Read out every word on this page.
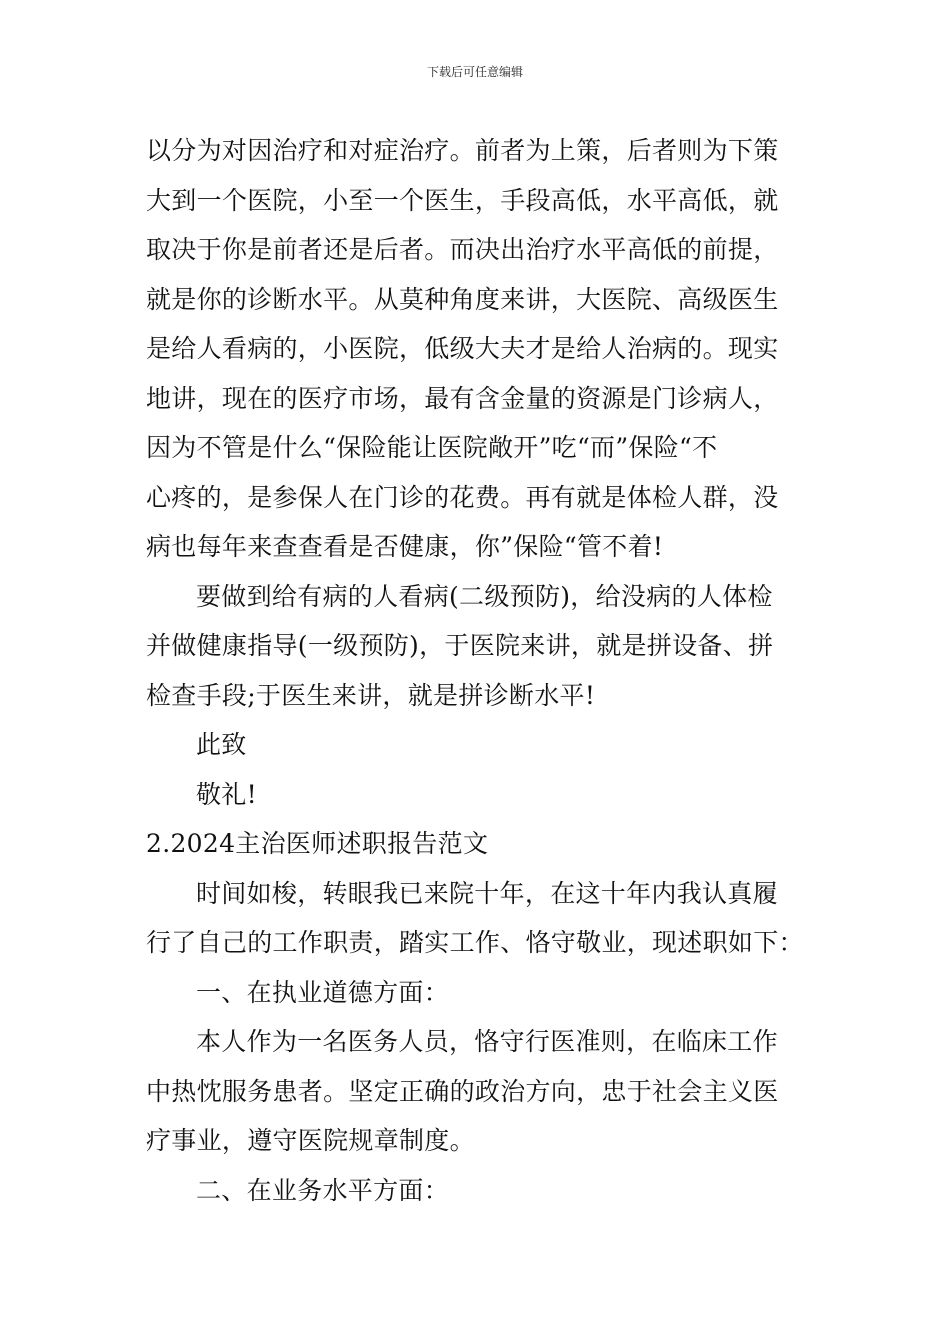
下载后可任意编辑
以分为对因治疗和对症治疗。前者为上策，后者则为下策
大到一个医院，小至一个医生，手段高低，水平高低，就
取决于你是前者还是后者。而决出治疗水平高低的前提，
就是你的诊断水平。从莫种角度来讲，大医院、高级医生
是给人看病的，小医院，低级大夫才是给人治病的。现实
地讲，现在的医疗市场，最有含金量的资源是门诊病人，
因为不管是什么“保险能让医院敞开”吃“而”保险“不
心疼的，是参保人在门诊的花费。再有就是体检人群，没
病也每年来查查看是否健康，你”保险“管不着!
要做到给有病的人看病(二级预防)，给没病的人体检
并做健康指导(一级预防)，于医院来讲，就是拼设备、拼
检查手段;于医生来讲，就是拼诊断水平!
此致
敬礼!
2.2024主治医师述职报告范文
时间如梭，转眼我已来院十年，在这十年内我认真履
行了自己的工作职责，踏实工作、恪守敬业，现述职如下：
一、在执业道德方面：
本人作为一名医务人员，恪守行医准则，在临床工作
中热忱服务患者。坚定正确的政治方向，忠于社会主义医
疗事业，遵守医院规章制度。
二、在业务水平方面：
